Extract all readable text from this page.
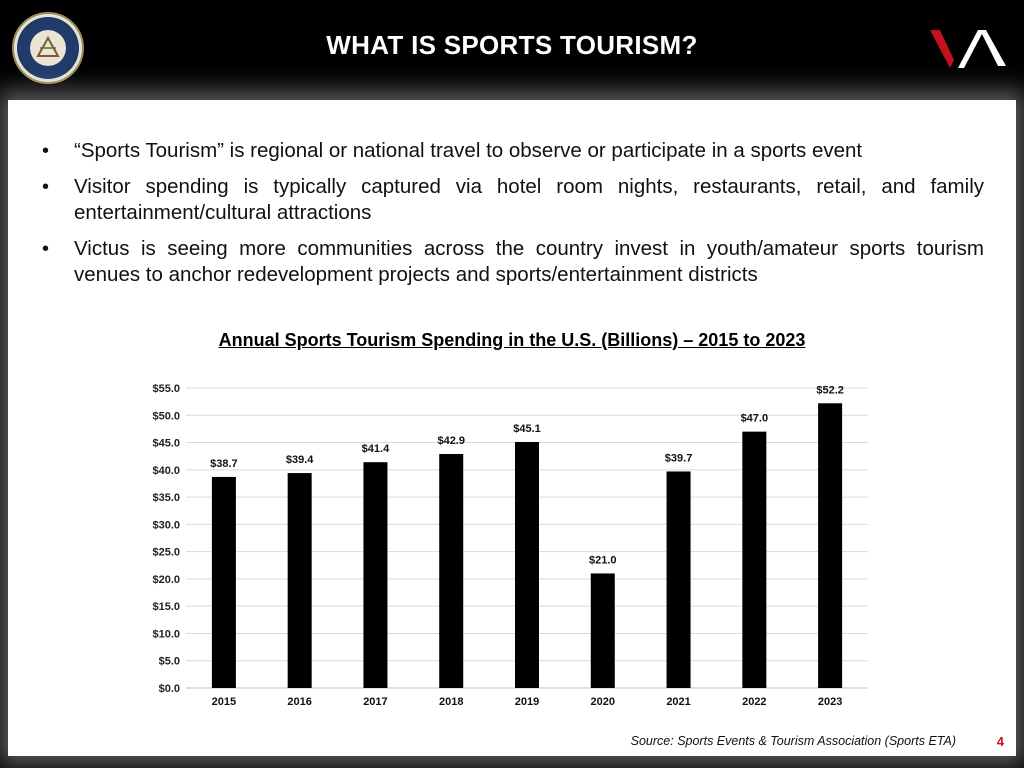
WHAT IS SPORTS TOURISM?
•	“Sports Tourism” is regional or national travel to observe or participate in a sports event
•	Visitor spending is typically captured via hotel room nights, restaurants, retail, and family entertainment/cultural attractions
•	Victus is seeing more communities across the country invest in youth/amateur sports tourism venues to anchor redevelopment projects and sports/entertainment districts
Annual Sports Tourism Spending in the U.S. (Billions) – 2015 to 2023
$0.0
$5.0
$10.0
$15.0
$20.0
$25.0
$30.0
$35.0
$40.0
$45.0
$50.0
$55.0
$38.7
2015
$39.4
2016
$41.4
2017
$42.9
2018
$45.1
2019
$21.0
2020
$39.7
2021
$47.0
2022
$52.2
2023
Source: Sports Events & Tourism Association (Sports ETA)	4
